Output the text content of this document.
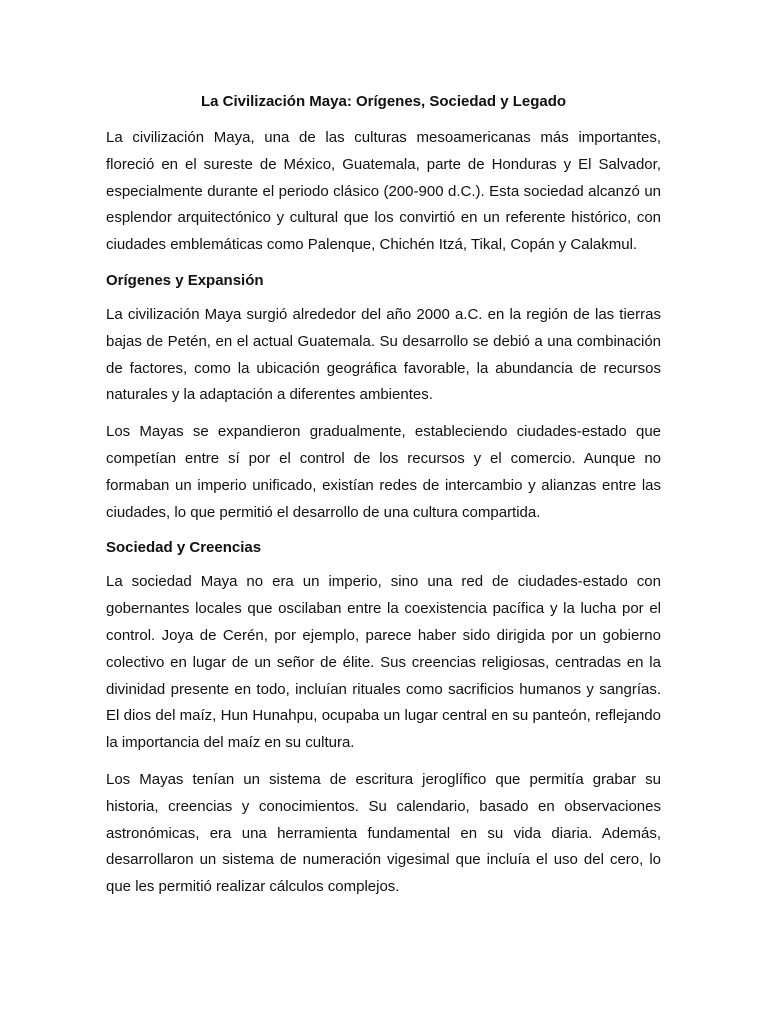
La Civilización Maya: Orígenes, Sociedad y Legado

La civilización Maya, una de las culturas mesoamericanas más importantes, floreció en el sureste de México, Guatemala, parte de Honduras y El Salvador, especialmente durante el periodo clásico (200-900 d.C.). Esta sociedad alcanzó un esplendor arquitectónico y cultural que los convirtió en un referente histórico, con ciudades emblemáticas como Palenque, Chichén Itzá, Tikal, Copán y Calakmul.

Orígenes y Expansión

La civilización Maya surgió alrededor del año 2000 a.C. en la región de las tierras bajas de Petén, en el actual Guatemala. Su desarrollo se debió a una combinación de factores, como la ubicación geográfica favorable, la abundancia de recursos naturales y la adaptación a diferentes ambientes.

Los Mayas se expandieron gradualmente, estableciendo ciudades-estado que competían entre sí por el control de los recursos y el comercio. Aunque no formaban un imperio unificado, existían redes de intercambio y alianzas entre las ciudades, lo que permitió el desarrollo de una cultura compartida.

Sociedad y Creencias

La sociedad Maya no era un imperio, sino una red de ciudades-estado con gobernantes locales que oscilaban entre la coexistencia pacífica y la lucha por el control. Joya de Cerén, por ejemplo, parece haber sido dirigida por un gobierno colectivo en lugar de un señor de élite. Sus creencias religiosas, centradas en la divinidad presente en todo, incluían rituales como sacrificios humanos y sangrías. El dios del maíz, Hun Hunahpu, ocupaba un lugar central en su panteón, reflejando la importancia del maíz en su cultura.

Los Mayas tenían un sistema de escritura jeroglífico que permitía grabar su historia, creencias y conocimientos. Su calendario, basado en observaciones astronómicas, era una herramienta fundamental en su vida diaria. Además, desarrollaron un sistema de numeración vigesimal que incluía el uso del cero, lo que les permitió realizar cálculos complejos.
